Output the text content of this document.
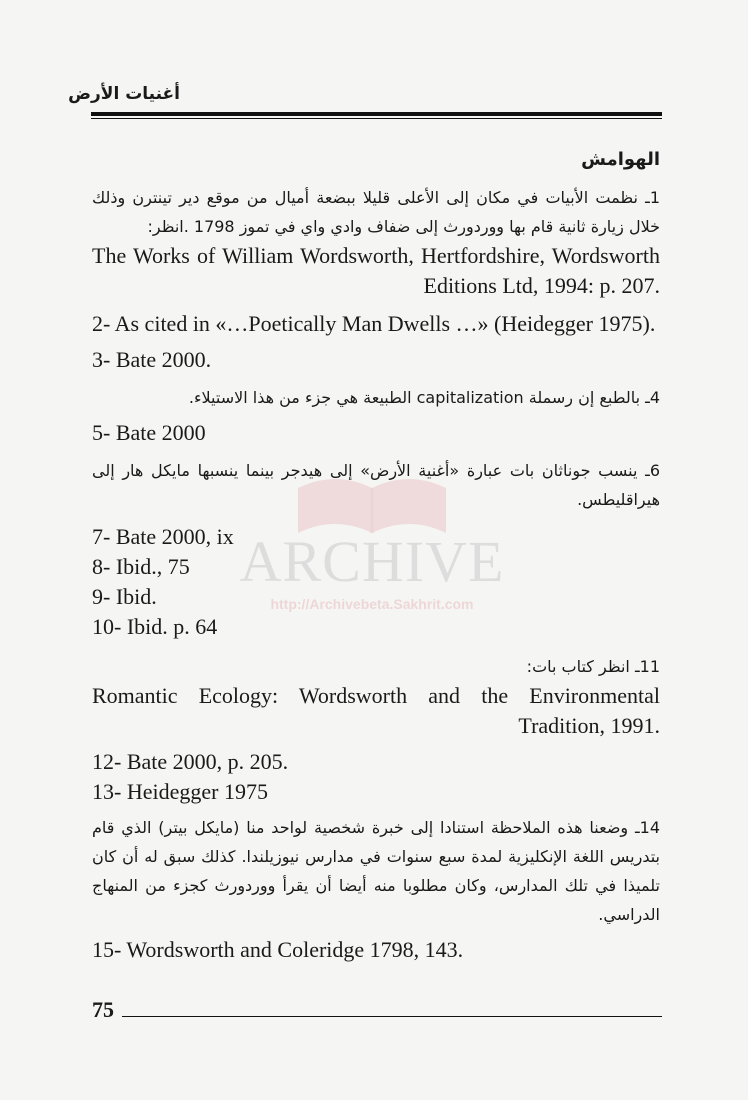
أغنيات الأرض
ARCHIVE
http://Archivebeta.Sakhrit.com
الهوامش
1ـ نظمت الأبيات في مكان إلى الأعلى قليلا ببضعة أميال من موقع دير تينترن وذلك خلال زيارة ثانية قام بها ووردورث إلى ضفاف وادي واي في تموز 1798 .انظر:
The Works of William Wordsworth, Hertfordshire, Wordsworth Editions Ltd, 1994: p. 207.
2- As cited in «…Poetically Man Dwells …» (Heidegger 1975).
3- Bate 2000.
4ـ بالطبع إن رسملة capitalization الطبيعة هي جزء من هذا الاستيلاء.
5- Bate 2000
6ـ ينسب جوناثان بات عبارة «أغنية الأرض» إلى هيدجر بينما ينسبها مايكل هار إلى هيراقليطس.
7- Bate 2000, ix
8- Ibid., 75
9- Ibid.
10- Ibid. p. 64
11ـ انظر كتاب بات:
Romantic Ecology: Wordsworth and the Environmental Tradition, 1991.
12- Bate 2000, p. 205.
13- Heidegger 1975
14ـ وضعنا هذه الملاحظة استنادا إلى خبرة شخصية لواحد منا (مايكل بيتر) الذي قام بتدريس اللغة الإنكليزية لمدة سبع سنوات في مدارس نيوزيلندا. كذلك سبق له أن كان تلميذا في تلك المدارس، وكان مطلوبا منه أيضا أن يقرأ ووردورث كجزء من المنهاج الدراسي.
15- Wordsworth and Coleridge 1798, 143.
75
